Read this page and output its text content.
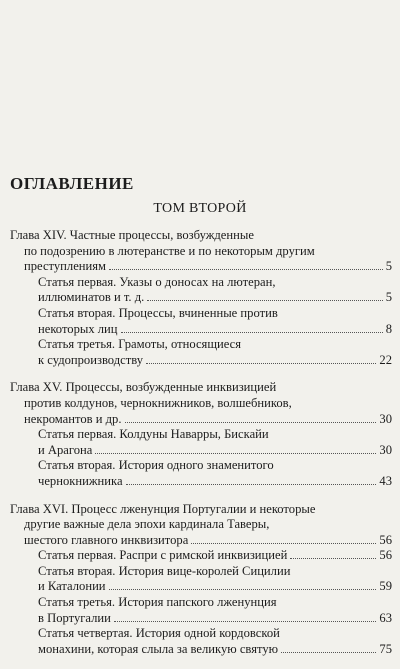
ОГЛАВЛЕНИЕ
ТОМ ВТОРОЙ
Глава XIV. Частные процессы, возбужденные
по подозрению в лютеранстве и по некоторым другим
преступлениям	5
Статья первая. Указы о доносах на лютеран,
иллюминатов и т. д.	5
Статья вторая. Процессы, вчиненные против
некоторых лиц	8
Статья третья. Грамоты, относящиеся
к судопроизводству	22
Глава XV. Процессы, возбужденные инквизицией
против колдунов, чернокнижников, волшебников,
некромантов и др.	30
Статья первая. Колдуны Наварры, Бискайи
и Арагона	30
Статья вторая. История одного знаменитого
чернокнижника	43
Глава XVI. Процесс лженунция Португалии и некоторые
другие важные дела эпохи кардинала Таверы,
шестого главного инквизитора	56
Статья первая. Распри с римской инквизицией	56
Статья вторая. История вице-королей Сицилии
и Каталонии	59
Статья третья. История папского лженунция
в Португалии	63
Статья четвертая. История одной кордовской
монахини, которая слыла за великую святую	75
